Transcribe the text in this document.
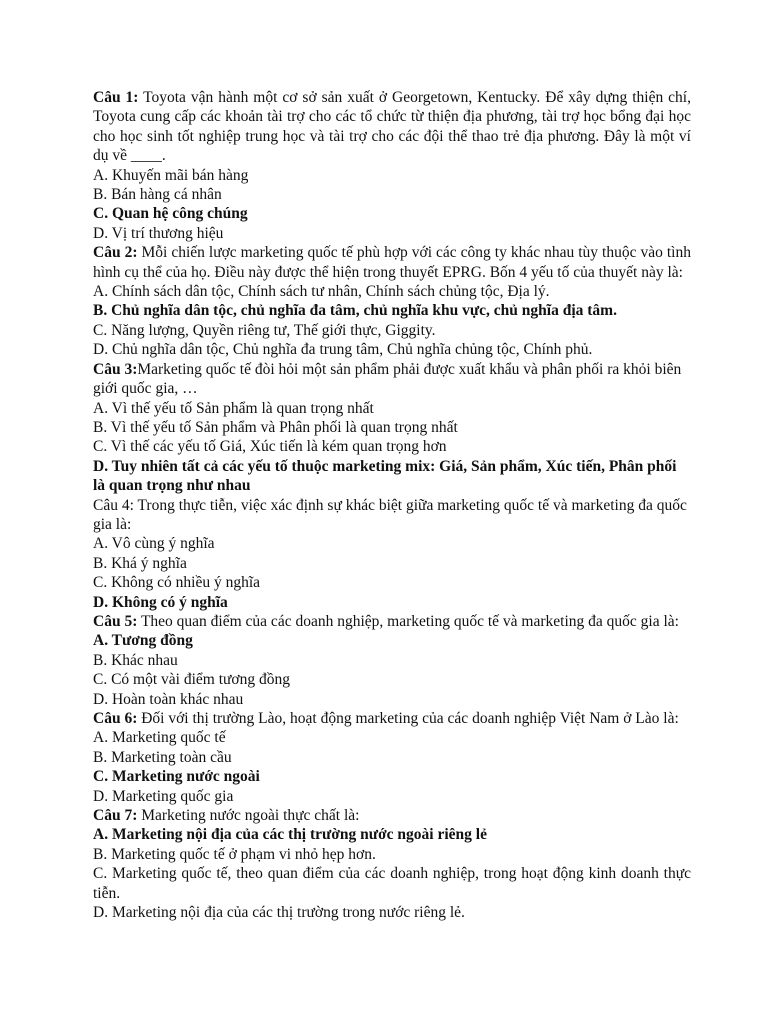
Câu 1: Toyota vận hành một cơ sở sản xuất ở Georgetown, Kentucky. Để xây dựng thiện chí, Toyota cung cấp các khoản tài trợ cho các tổ chức từ thiện địa phương, tài trợ học bổng đại học cho học sinh tốt nghiệp trung học và tài trợ cho các đội thể thao trẻ địa phương. Đây là một ví dụ về ____.

A. Khuyến mãi bán hàng

B. Bán hàng cá nhân

C. Quan hệ công chúng

D. Vị trí thương hiệu

Câu 2: Mỗi chiến lược marketing quốc tế phù hợp với các công ty khác nhau tùy thuộc vào tình hình cụ thể của họ. Điều này được thể hiện trong thuyết EPRG. Bốn 4 yếu tố của thuyết này là:

A. Chính sách dân tộc, Chính sách tư nhân, Chính sách chủng tộc, Địa lý.

B. Chủ nghĩa dân tộc, chủ nghĩa đa tâm, chủ nghĩa khu vực, chủ nghĩa địa tâm.

C. Năng lượng, Quyền riêng tư, Thế giới thực, Giggity.

D. Chủ nghĩa dân tộc, Chủ nghĩa đa trung tâm, Chủ nghĩa chủng tộc, Chính phủ.

Câu 3:Marketing quốc tế đòi hỏi một sản phẩm phải được xuất khẩu và phân phối ra khỏi biên giới quốc gia, …

A. Vì thế yếu tố Sản phẩm là quan trọng nhất

B. Vì thế yếu tố Sản phẩm và Phân phối là quan trọng nhất

C. Vì thế các yếu tố Giá, Xúc tiến là kém quan trọng hơn

D. Tuy nhiên tất cả các yếu tố thuộc marketing mix: Giá, Sản phẩm, Xúc tiến, Phân phối là quan trọng như nhau

Câu 4: Trong thực tiễn, việc xác định sự khác biệt giữa marketing quốc tế và marketing đa quốc gia là:

A. Vô cùng ý nghĩa

B. Khá ý nghĩa

C. Không có nhiều ý nghĩa

D. Không có ý nghĩa

Câu 5: Theo quan điểm của các doanh nghiệp, marketing quốc tế và marketing đa quốc gia là:

A. Tương đồng

B. Khác nhau

C. Có một vài điểm tương đồng

D. Hoàn toàn khác nhau

Câu 6: Đối với thị trường Lào, hoạt động marketing của các doanh nghiệp Việt Nam ở Lào là:

A. Marketing quốc tế

B. Marketing toàn cầu

C. Marketing nước ngoài

D. Marketing quốc gia

Câu 7: Marketing nước ngoài thực chất là:

A. Marketing nội địa của các thị trường nước ngoài riêng lẻ

B. Marketing quốc tế ở phạm vi nhỏ hẹp hơn.

C. Marketing quốc tế, theo quan điểm của các doanh nghiệp, trong hoạt động kinh doanh thực tiễn.

D. Marketing nội địa của các thị trường trong nước riêng lẻ.
